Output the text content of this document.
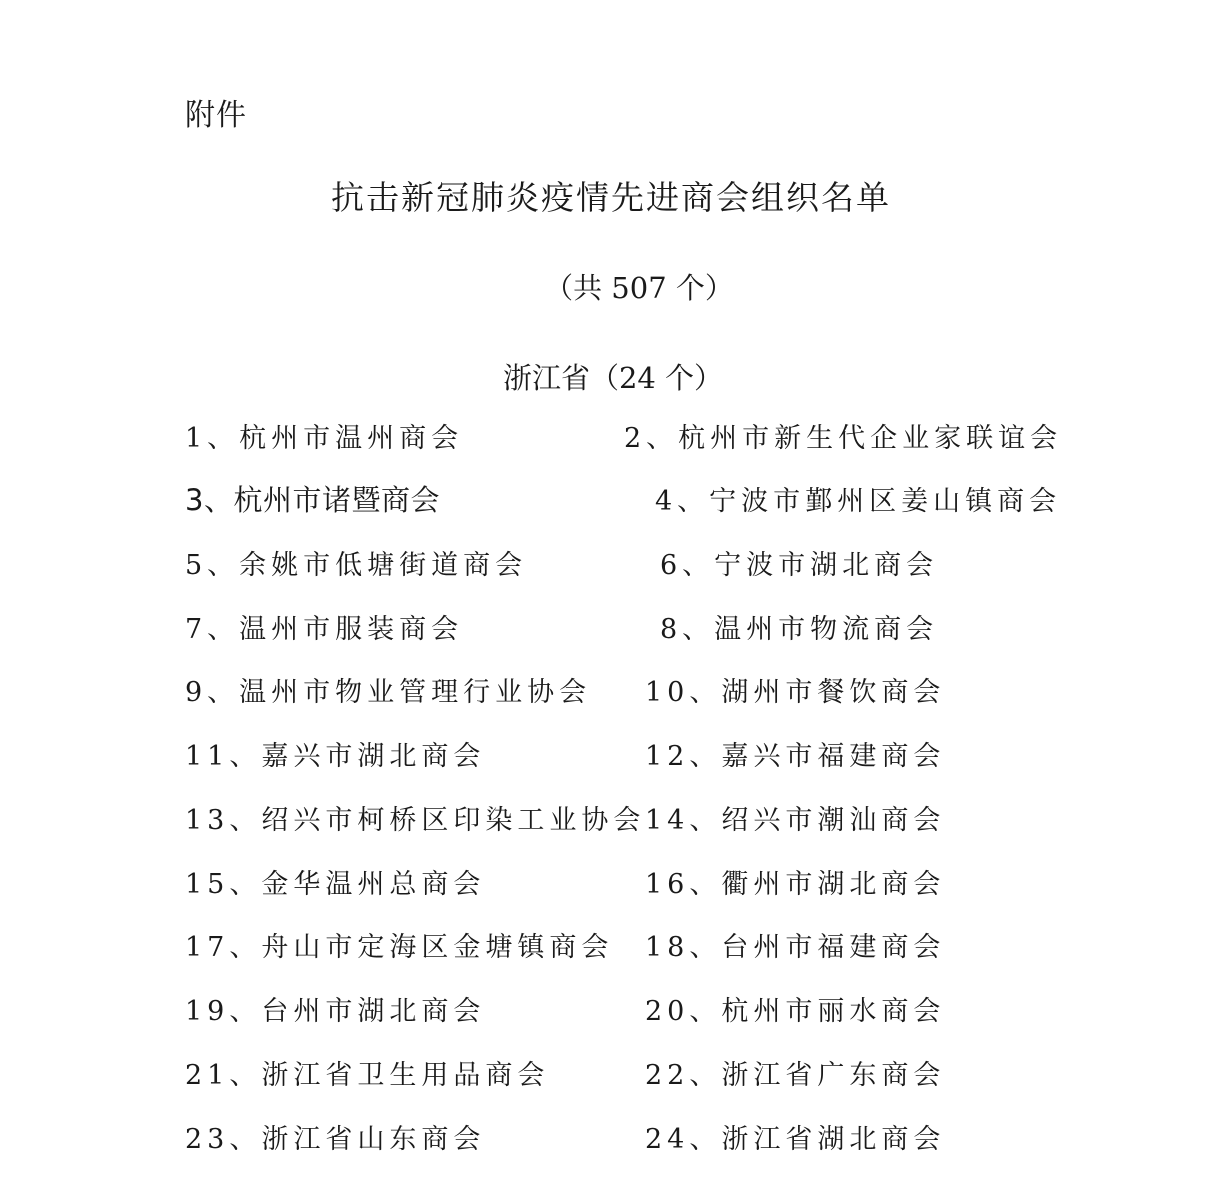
附件
抗击新冠肺炎疫情先进商会组织名单
（共 507 个）
浙江省（24 个）
1、杭州市温州商会	2、杭州市新生代企业家联谊会
3、杭州市诸暨商会	4、宁波市鄞州区姜山镇商会
5、余姚市低塘街道商会	6、宁波市湖北商会
7、温州市服装商会	8、温州市物流商会
9、温州市物业管理行业协会 10、湖州市餐饮商会
11、嘉兴市湖北商会	12、嘉兴市福建商会
13、绍兴市柯桥区印染工业协会 14、绍兴市潮汕商会
15、金华温州总商会	16、衢州市湖北商会
17、舟山市定海区金塘镇商会 18、台州市福建商会
19、台州市湖北商会	20、杭州市丽水商会
21、浙江省卫生用品商会	22、浙江省广东商会
23、浙江省山东商会	24、浙江省湖北商会
